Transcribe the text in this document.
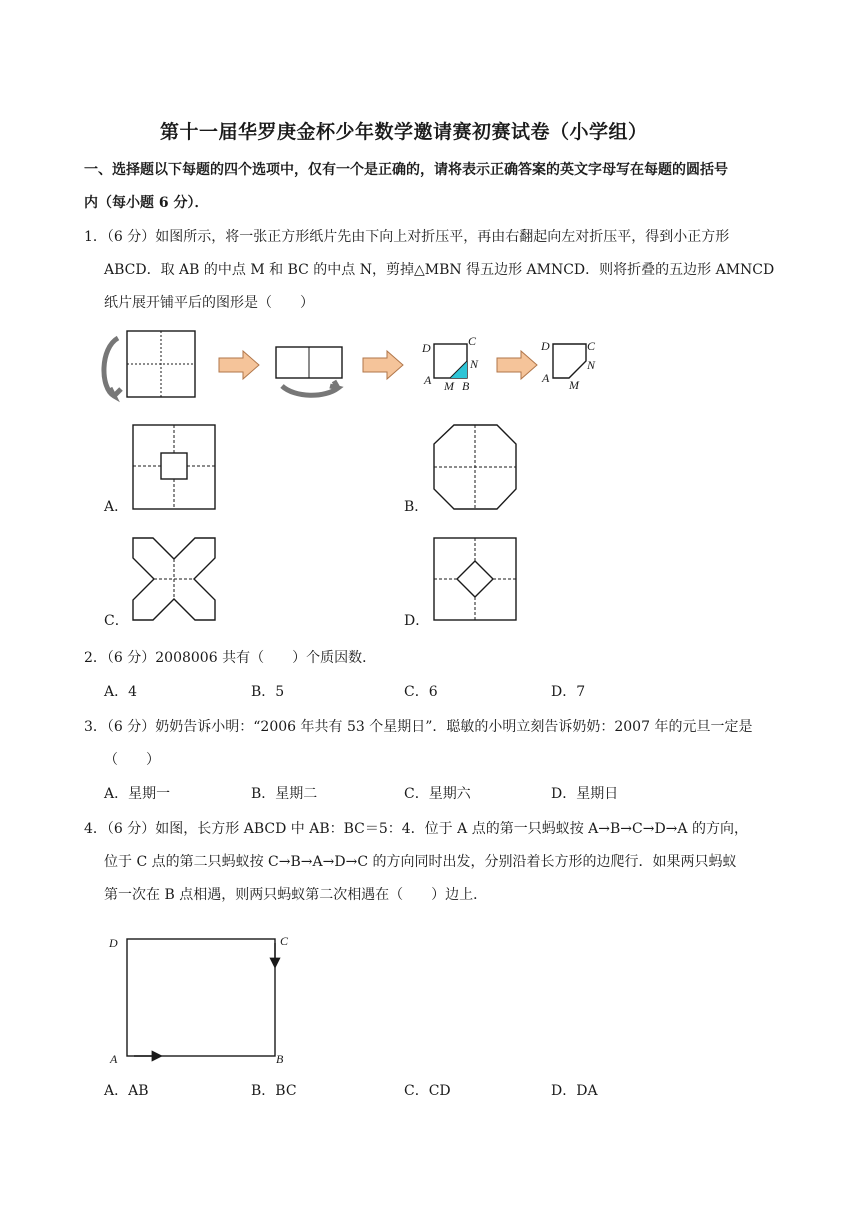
第十一届华罗庚金杯少年数学邀请赛初赛试卷（小学组）
一、选择题以下每题的四个选项中，仅有一个是正确的，请将表示正确答案的英文字母写在每题的圆括号
内（每小题 6 分）．
1．（6 分）如图所示，将一张正方形纸片先由下向上对折压平，再由右翻起向左对折压平，得到小正方形
ABCD．取 AB 的中点 M 和 BC 的中点 N，剪掉△MBN 得五边形 AMNCD．则将折叠的五边形 AMNCD
纸片展开铺平后的图形是（　　）
A．	B．
C．	D．
2．（6 分）2008006 共有（　　）个质因数．
A．4	B．5	C．6	D．7
3．（6 分）奶奶告诉小明：“2006 年共有 53 个星期日”．聪敏的小明立刻告诉奶奶：2007 年的元旦一定是
（　　）
A．星期一	B．星期二	C．星期六	D．星期日
4．（6 分）如图，长方形 ABCD 中 AB：BC＝5：4．位于 A 点的第一只蚂蚁按 A→B→C→D→A 的方向，
位于 C 点的第二只蚂蚁按 C→B→A→D→C 的方向同时出发，分别沿着长方形的边爬行．如果两只蚂蚁
第一次在 B 点相遇，则两只蚂蚁第二次相遇在（　　）边上．
A．AB	B．BC	C．CD	D．DA
D	C
N
A M B
D	C
N
A M
D	C
A	B
